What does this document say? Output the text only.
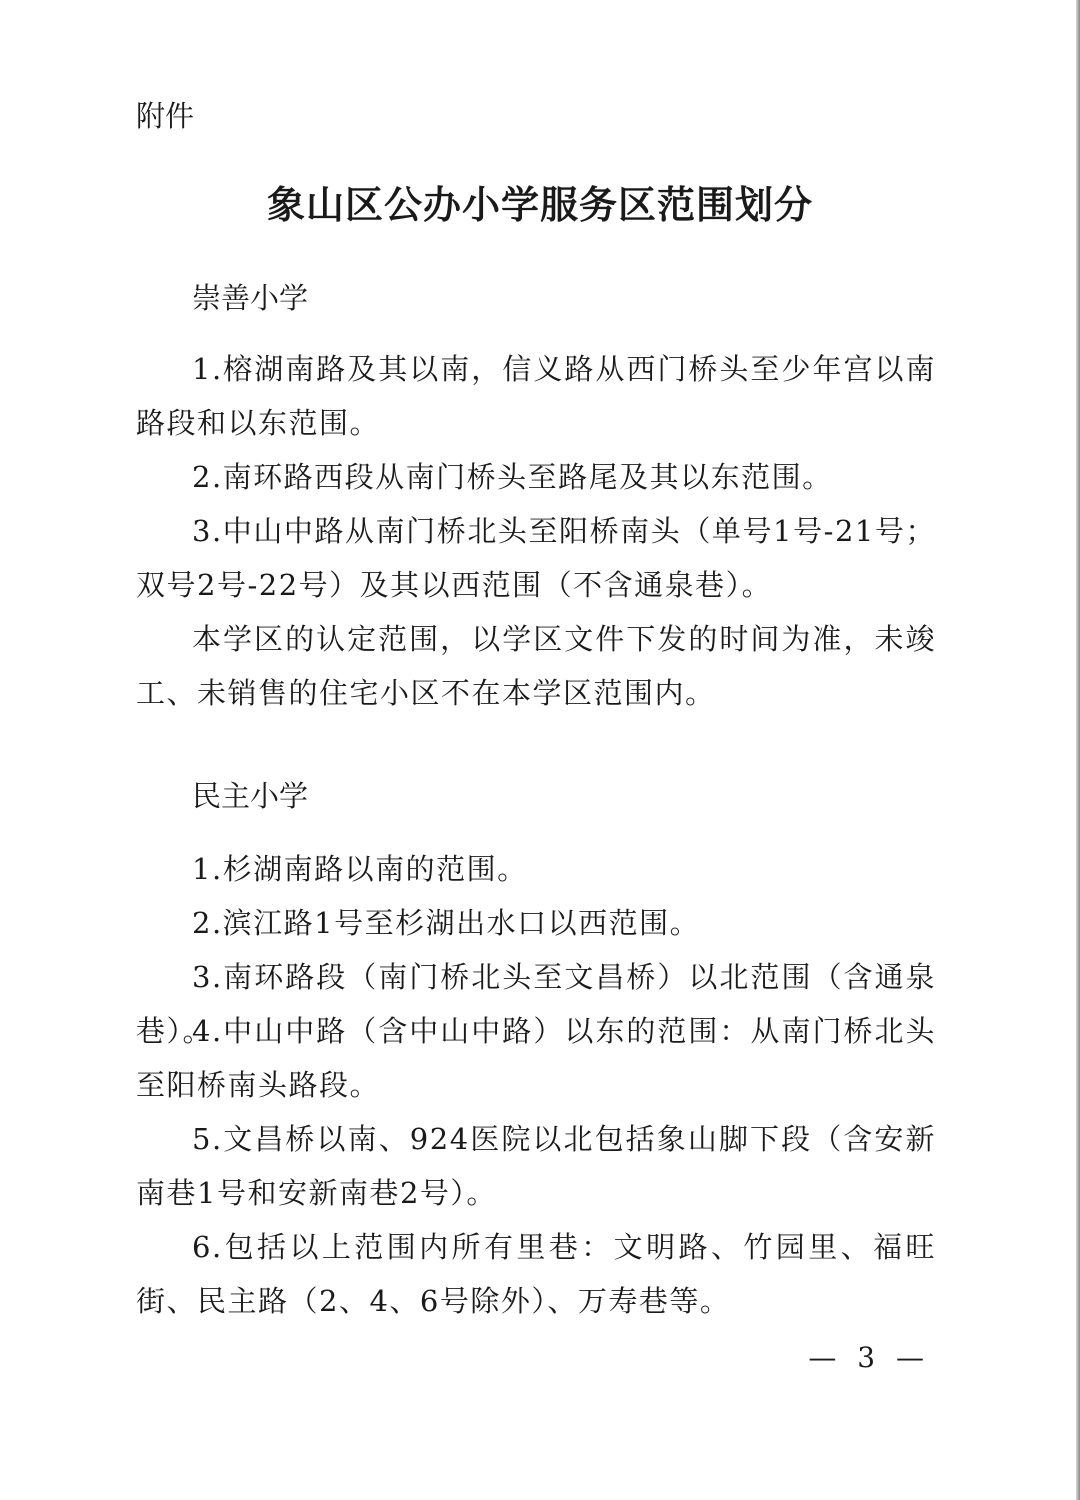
附件
象山区公办小学服务区范围划分
崇善小学

1.榕湖南路及其以南，信义路从西门桥头至少年宫以南路段和以东范围。

2.南环路西段从南门桥头至路尾及其以东范围。

3.中山中路从南门桥北头至阳桥南头（单号1号-21号；双号2号-22号）及其以西范围（不含通泉巷）。

本学区的认定范围，以学区文件下发的时间为准，未竣工、未销售的住宅小区不在本学区范围内。

民主小学

1.杉湖南路以南的范围。

2.滨江路1号至杉湖出水口以西范围。

3.南环路段（南门桥北头至文昌桥）以北范围（含通泉巷）。

4.中山中路（含中山中路）以东的范围：从南门桥北头至阳桥南头路段。

5.文昌桥以南、924医院以北包括象山脚下段（含安新南巷1号和安新南巷2号）。

6.包括以上范围内所有里巷：文明路、竹园里、福旺街、民主路（2、4、6号除外）、万寿巷等。

— 3 —
